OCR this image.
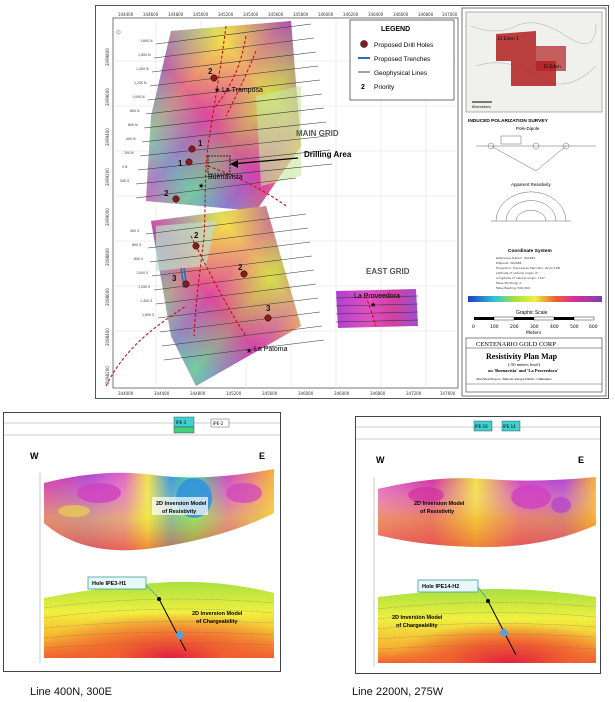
2
1
1
2
2
3
2
3
★ La Tramposa
★
Buenavista
★ La Paloma
★
La Proveedora
Drilling Area
MAIN GRID
EAST GRID
1,800 N
1,600 N
1,400 N
1,200 N
1,000 N
800 N
600 N
400 N
200 N
0 N
200 S
400 S
600 S
800 S
1,000 S
1,200 S
1,400 S
1,600 S
344400 344600 344800 345000 345200 345400 345600 345800 346000 346200 346400 346600 346800 347000
344000	344400	344800	345200	345600	346000	346400	346800	347200	347600
2099800
2099600
2099400
2099200
2099000
2098800
2098600
2098400
2098200
⬦	LEGEND
Proposed Drill Holes
Proposed Trenches
Geophysical Lines
2 Priority
El Eden 1
El Eden
Kilometers
INDUCED POLARIZATION SURVEY
Pole-Dipole
Apparent Resistivity
Coordinate System
Reference Datum: WGS84
Ellipsoid: WGS84
Projection: Transverse Mercator, Zone 13N
Latitude of natural origin: 0°
Longitude of natural origin: 105°
False Northing: 0
False Easting: 500 000
Graphic Scale
0	100	200	300	400	500 600
Meters
CENTENARIO GOLD CORP
Resistivity Plan Map
(-50 meters level)
on 'Buenavista' and 'La Proveedora'
The Eden Project, Temoris-Urique Distric, Chihuahua
IPE-3	IPE-2
W	E
2D Inversion Model
of Resistivity
Hole IPE3-H1
2D Inversion Model
of Chargeability
IPE-16	IPE-14
W	E
2D Inversion Model
of Resistivity
Hole IPE14-H2
2D Inversion Model
of Chargeability
Line 400N, 300E	Line 2200N, 275W
